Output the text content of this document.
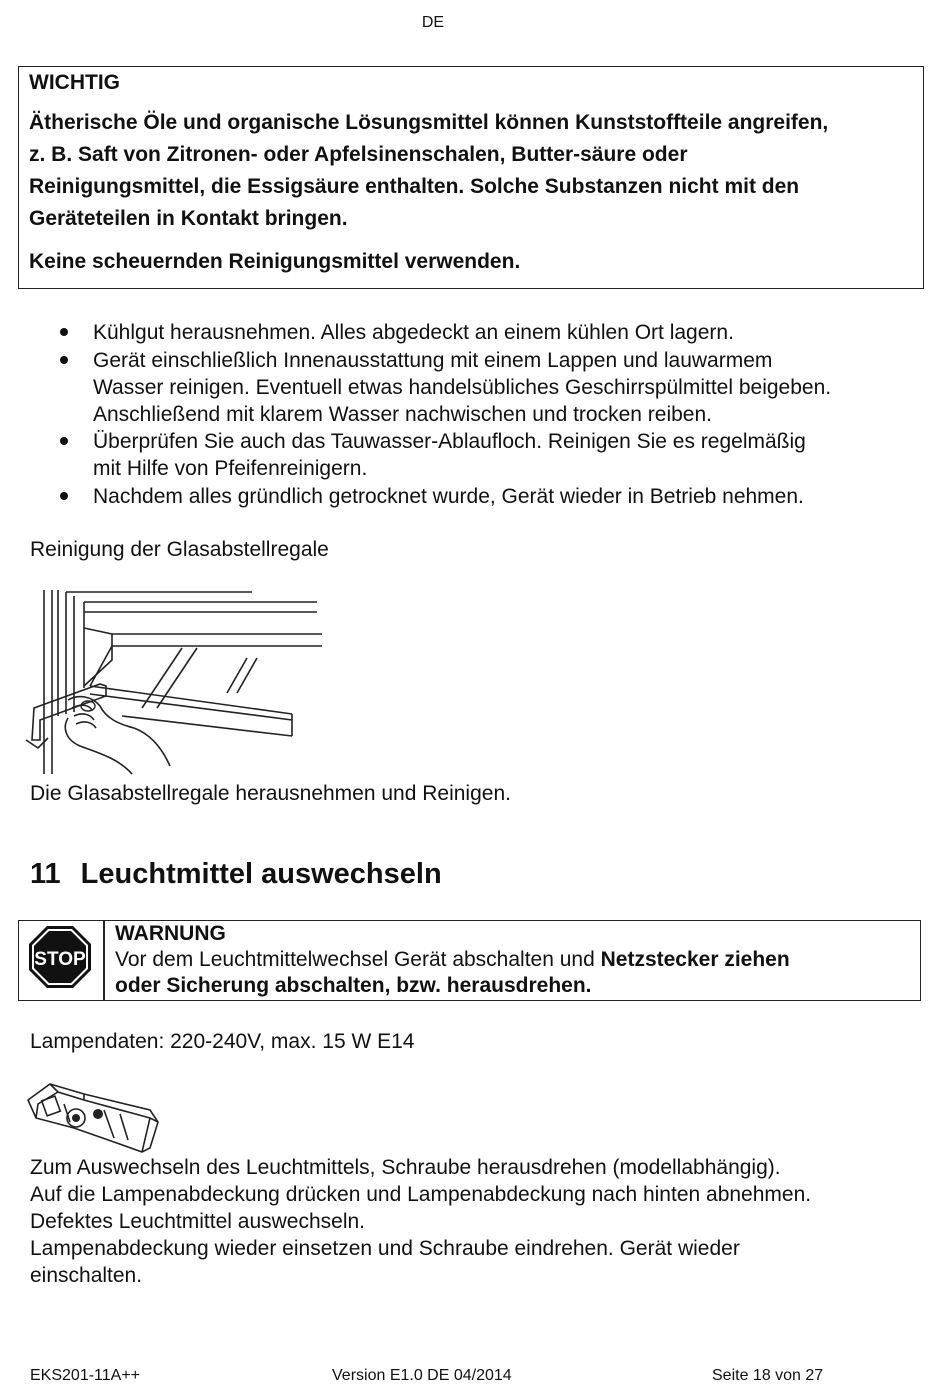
DE
WICHTIG
Ätherische Öle und organische Lösungsmittel können Kunststoffteile angreifen,
z. B. Saft von Zitronen- oder Apfelsinenschalen, Butter-säure oder
Reinigungsmittel, die Essigsäure enthalten. Solche Substanzen nicht mit den
Geräteteilen in Kontakt bringen.
Keine scheuernden Reinigungsmittel verwenden.
Kühlgut herausnehmen. Alles abgedeckt an einem kühlen Ort lagern.
Gerät einschließlich Innenausstattung mit einem Lappen und lauwarmem
Wasser reinigen. Eventuell etwas handelsübliches Geschirrspülmittel beigeben.
Anschließend mit klarem Wasser nachwischen und trocken reiben.
Überprüfen Sie auch das Tauwasser-Ablaufloch. Reinigen Sie es regelmäßig
mit Hilfe von Pfeifenreinigern.
Nachdem alles gründlich getrocknet wurde, Gerät wieder in Betrieb nehmen.
Reinigung der Glasabstellregale
Die Glasabstellregale herausnehmen und Reinigen.
11 Leuchtmittel auswechseln
STOP
WARNUNG
Vor dem Leuchtmittelwechsel Gerät abschalten und Netzstecker ziehen
oder Sicherung abschalten, bzw. herausdrehen.
Lampendaten: 220-240V, max. 15 W E14
Zum Auswechseln des Leuchtmittels, Schraube herausdrehen (modellabhängig).
Auf die Lampenabdeckung drücken und Lampenabdeckung nach hinten abnehmen.
Defektes Leuchtmittel auswechseln.
Lampenabdeckung wieder einsetzen und Schraube eindrehen. Gerät wieder
einschalten.
EKS201-11A++	Version E1.0 DE 04/2014	Seite 18 von 27
